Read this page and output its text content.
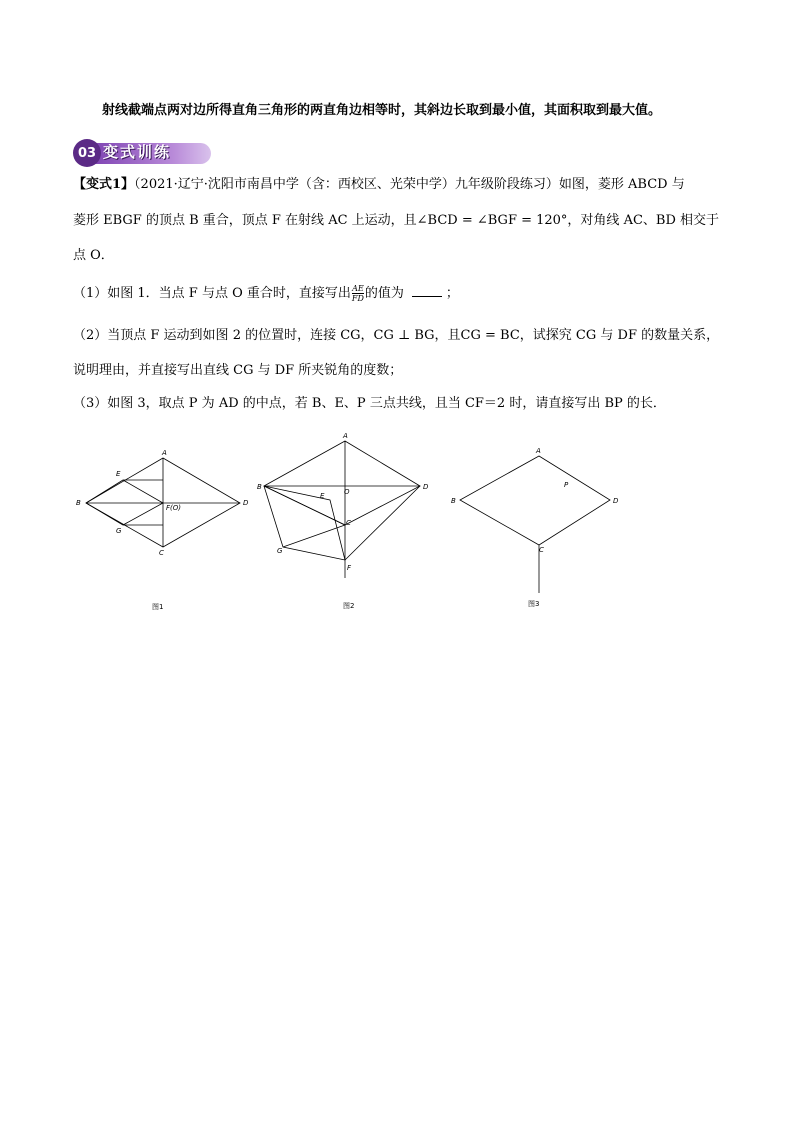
射线截端点两对边所得直角三角形的两直角边相等时，其斜边长取到最小值，其面积取到最大值。
03 变式训练
【变式1】（2021·辽宁·沈阳市南昌中学（含：西校区、光荣中学）九年级阶段练习）如图，菱形 ABCD 与
菱形 EBGF 的顶点 B 重合，顶点 F 在射线 AC 上运动，且∠BCD = ∠BGF = 120°，对角线 AC、BD 相交于
点 O．
（1）如图 1．当点 F 与点 O 重合时，直接写出 $\frac{AE}{FD}$ 的值为	；
（2）当顶点 F 运动到如图 2 的位置时，连接 CG，CG ⊥ BG，且CG = BC，试探究 CG 与 DF 的数量关系，
说明理由，并直接写出直线 CG 与 DF 所夹锐角的度数；
（3）如图 3，取点 P 为 AD 的中点，若 B、E、P 三点共线，且当 CF＝2 时，请直接写出 BP 的长．
A
B
C
D
E
G
F(O)
图1
A
B
C
D
E
G
F
O
图2
A
B
C
D
P
图3
